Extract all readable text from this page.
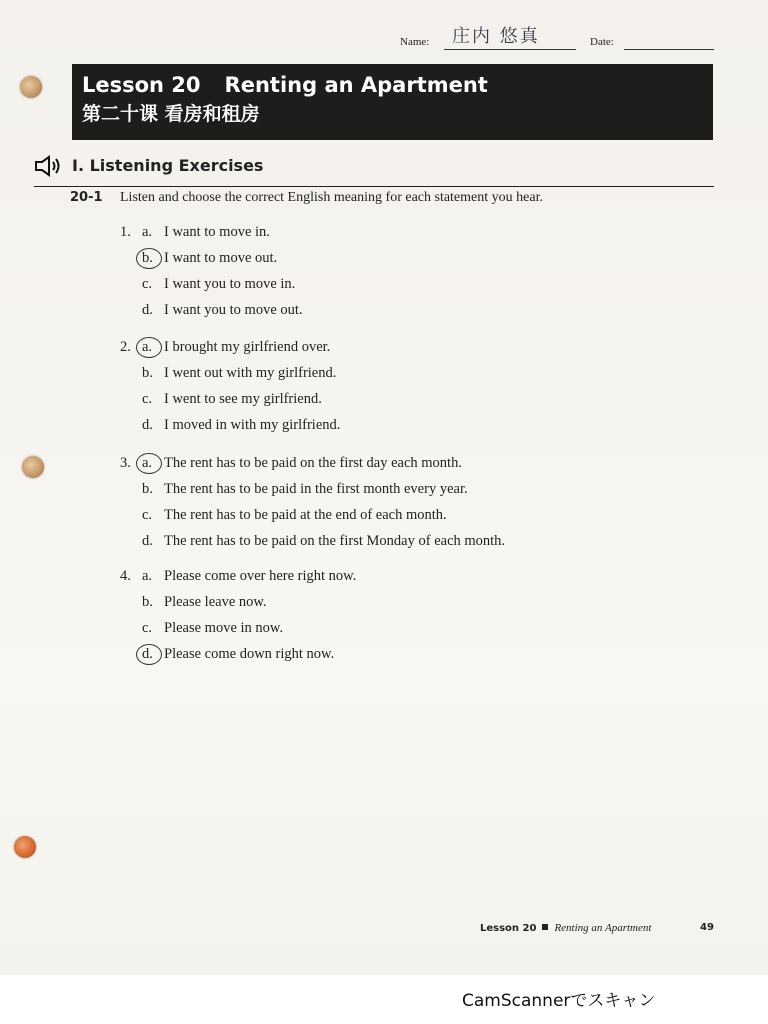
Name: 庄内 悠真	Date:
Lesson 20 Renting an Apartment
第二十课 看房和租房
I. Listening Exercises
20-1 Listen and choose the correct English meaning for each statement you hear.
1. a. I want to move in.
b. I want to move out.
c. I want you to move in.
d. I want you to move out.
2. a. I brought my girlfriend over.
b. I went out with my girlfriend.
c. I went to see my girlfriend.
d. I moved in with my girlfriend.
3. a. The rent has to be paid on the first day each month.
b. The rent has to be paid in the first month every year.
c. The rent has to be paid at the end of each month.
d. The rent has to be paid on the first Monday of each month.
4. a. Please come over here right now.
b. Please leave now.
c. Please move in now.
d. Please come down right now.
Lesson 20 Renting an Apartment	49
CamScannerでスキャン
